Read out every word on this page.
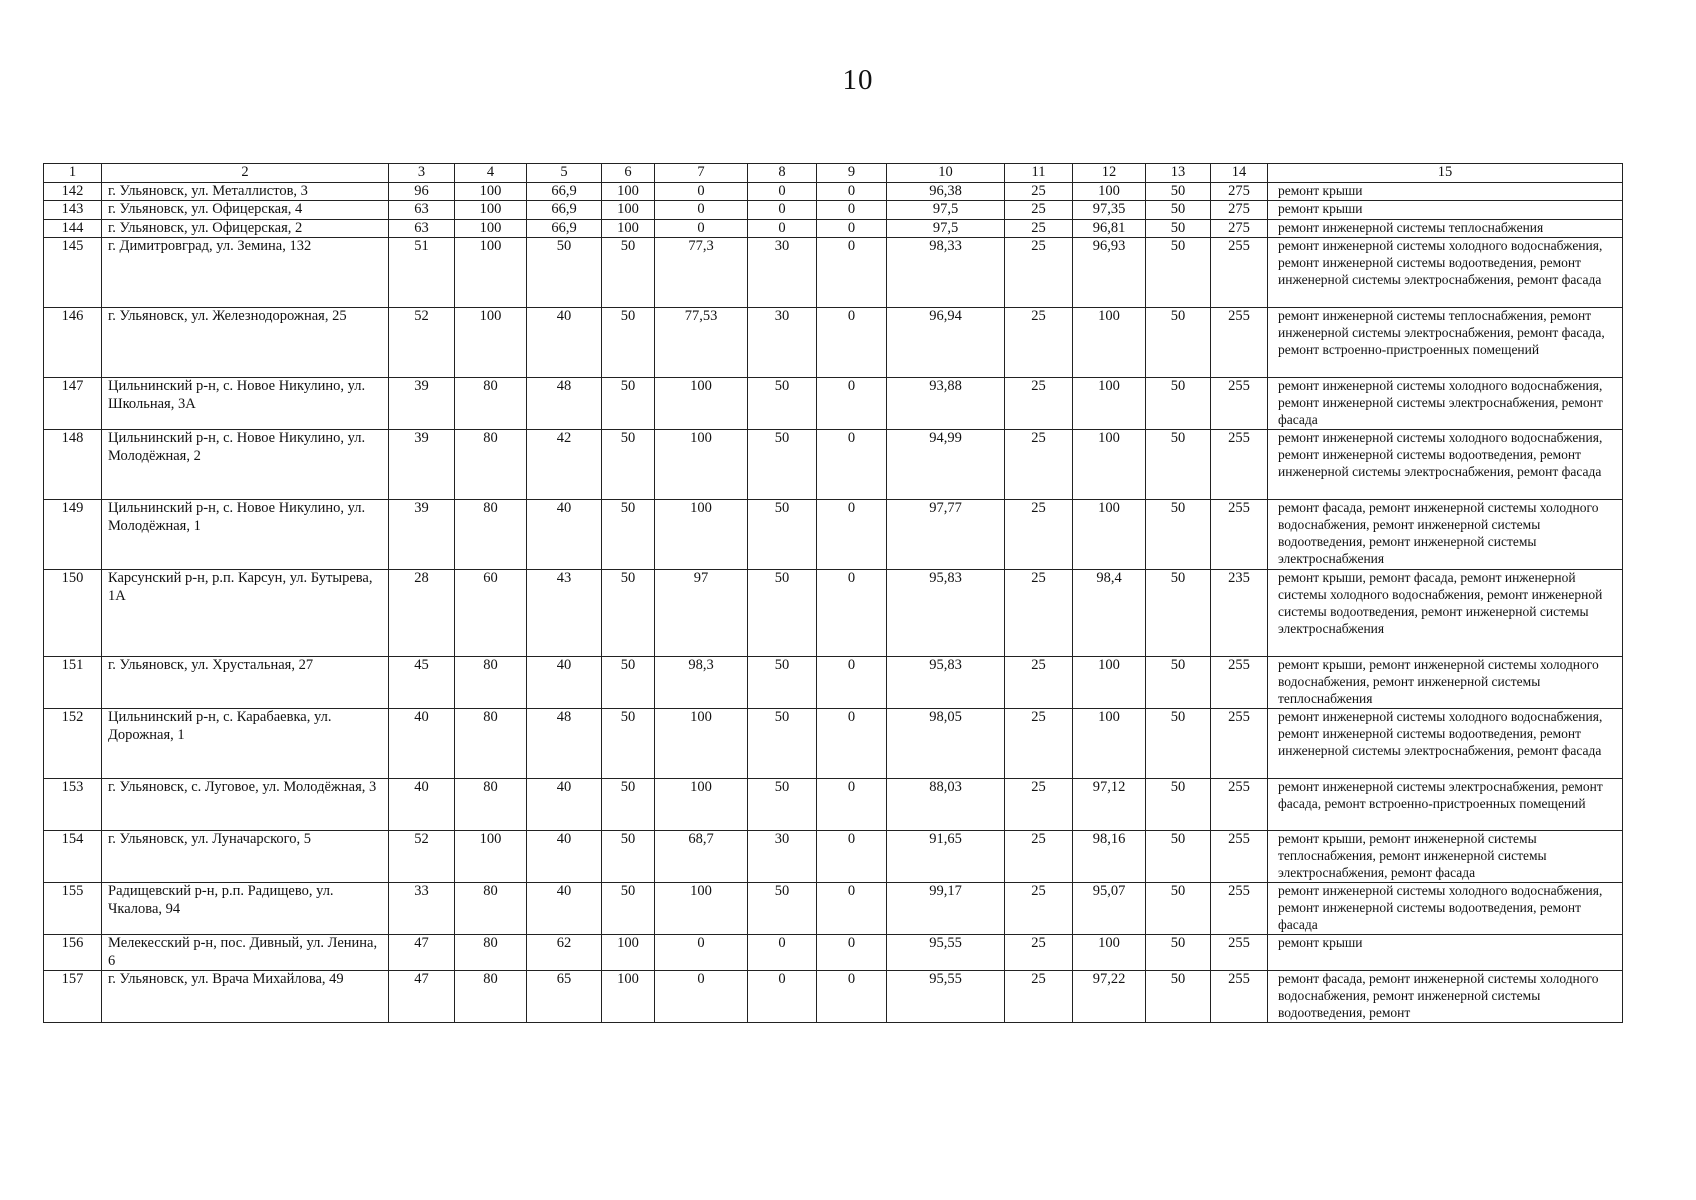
10
1	2	3	4	5	6	7	8	9	10	11	12	13	14	15
142	г. Ульяновск, ул. Металлистов, 3	96	100	66,9	100	0	0	0	96,38	25	100	50	275	ремонт крыши
143	г. Ульяновск, ул. Офицерская, 4	63	100	66,9	100	0	0	0	97,5	25	97,35	50	275	ремонт крыши
144	г. Ульяновск, ул. Офицерская, 2	63	100	66,9	100	0	0	0	97,5	25	96,81	50	275	ремонт инженерной системы теплоснабжения
145	г. Димитровград, ул. Земина, 132	51	100	50	50	77,3	30	0	98,33	25	96,93	50	255	ремонт инженерной системы холодного водоснабжения, ремонт инженерной системы водоотведения, ремонт инженерной системы электроснабжения, ремонт фасада
146	г. Ульяновск, ул. Железнодорожная, 25	52	100	40	50	77,53	30	0	96,94	25	100	50	255	ремонт инженерной системы теплоснабжения, ремонт инженерной системы электроснабжения, ремонт фасада, ремонт встроенно-пристроенных помещений
147	Цильнинский р-н, с. Новое Никулино, ул. Школьная, 3А	39	80	48	50	100	50	0	93,88	25	100	50	255	ремонт инженерной системы холодного водоснабжения, ремонт инженерной системы электроснабжения, ремонт фасада
148	Цильнинский р-н, с. Новое Никулино, ул. Молодёжная, 2	39	80	42	50	100	50	0	94,99	25	100	50	255	ремонт инженерной системы холодного водоснабжения, ремонт инженерной системы водоотведения, ремонт инженерной системы электроснабжения, ремонт фасада
149	Цильнинский р-н, с. Новое Никулино, ул. Молодёжная, 1	39	80	40	50	100	50	0	97,77	25	100	50	255	ремонт фасада, ремонт инженерной системы холодного водоснабжения, ремонт инженерной системы водоотведения, ремонт инженерной системы электроснабжения
150	Карсунский р-н, р.п. Карсун, ул. Бутырева, 1А	28	60	43	50	97	50	0	95,83	25	98,4	50	235	ремонт крыши, ремонт фасада, ремонт инженерной системы холодного водоснабжения, ремонт инженерной системы водоотведения, ремонт инженерной системы электроснабжения
151	г. Ульяновск, ул. Хрустальная, 27	45	80	40	50	98,3	50	0	95,83	25	100	50	255	ремонт крыши, ремонт инженерной системы холодного водоснабжения, ремонт инженерной системы теплоснабжения
152	Цильнинский р-н, с. Карабаевка, ул. Дорожная, 1	40	80	48	50	100	50	0	98,05	25	100	50	255	ремонт инженерной системы холодного водоснабжения, ремонт инженерной системы водоотведения, ремонт инженерной системы электроснабжения, ремонт фасада
153	г. Ульяновск, с. Луговое, ул. Молодёжная, 3	40	80	40	50	100	50	0	88,03	25	97,12	50	255	ремонт инженерной системы электроснабжения, ремонт фасада, ремонт встроенно-пристроенных помещений
154	г. Ульяновск, ул. Луначарского, 5	52	100	40	50	68,7	30	0	91,65	25	98,16	50	255	ремонт крыши, ремонт инженерной системы теплоснабжения, ремонт инженерной системы электроснабжения, ремонт фасада
155	Радищевский р-н, р.п. Радищево, ул. Чкалова, 94	33	80	40	50	100	50	0	99,17	25	95,07	50	255	ремонт инженерной системы холодного водоснабжения, ремонт инженерной системы водоотведения, ремонт фасада
156	Мелекесский р-н, пос. Дивный, ул. Ленина, 6	47	80	62	100	0	0	0	95,55	25	100	50	255	ремонт крыши
157	г. Ульяновск, ул. Врача Михайлова, 49	47	80	65	100	0	0	0	95,55	25	97,22	50	255	ремонт фасада, ремонт инженерной системы холодного водоснабжения, ремонт инженерной системы водоотведения, ремонт
